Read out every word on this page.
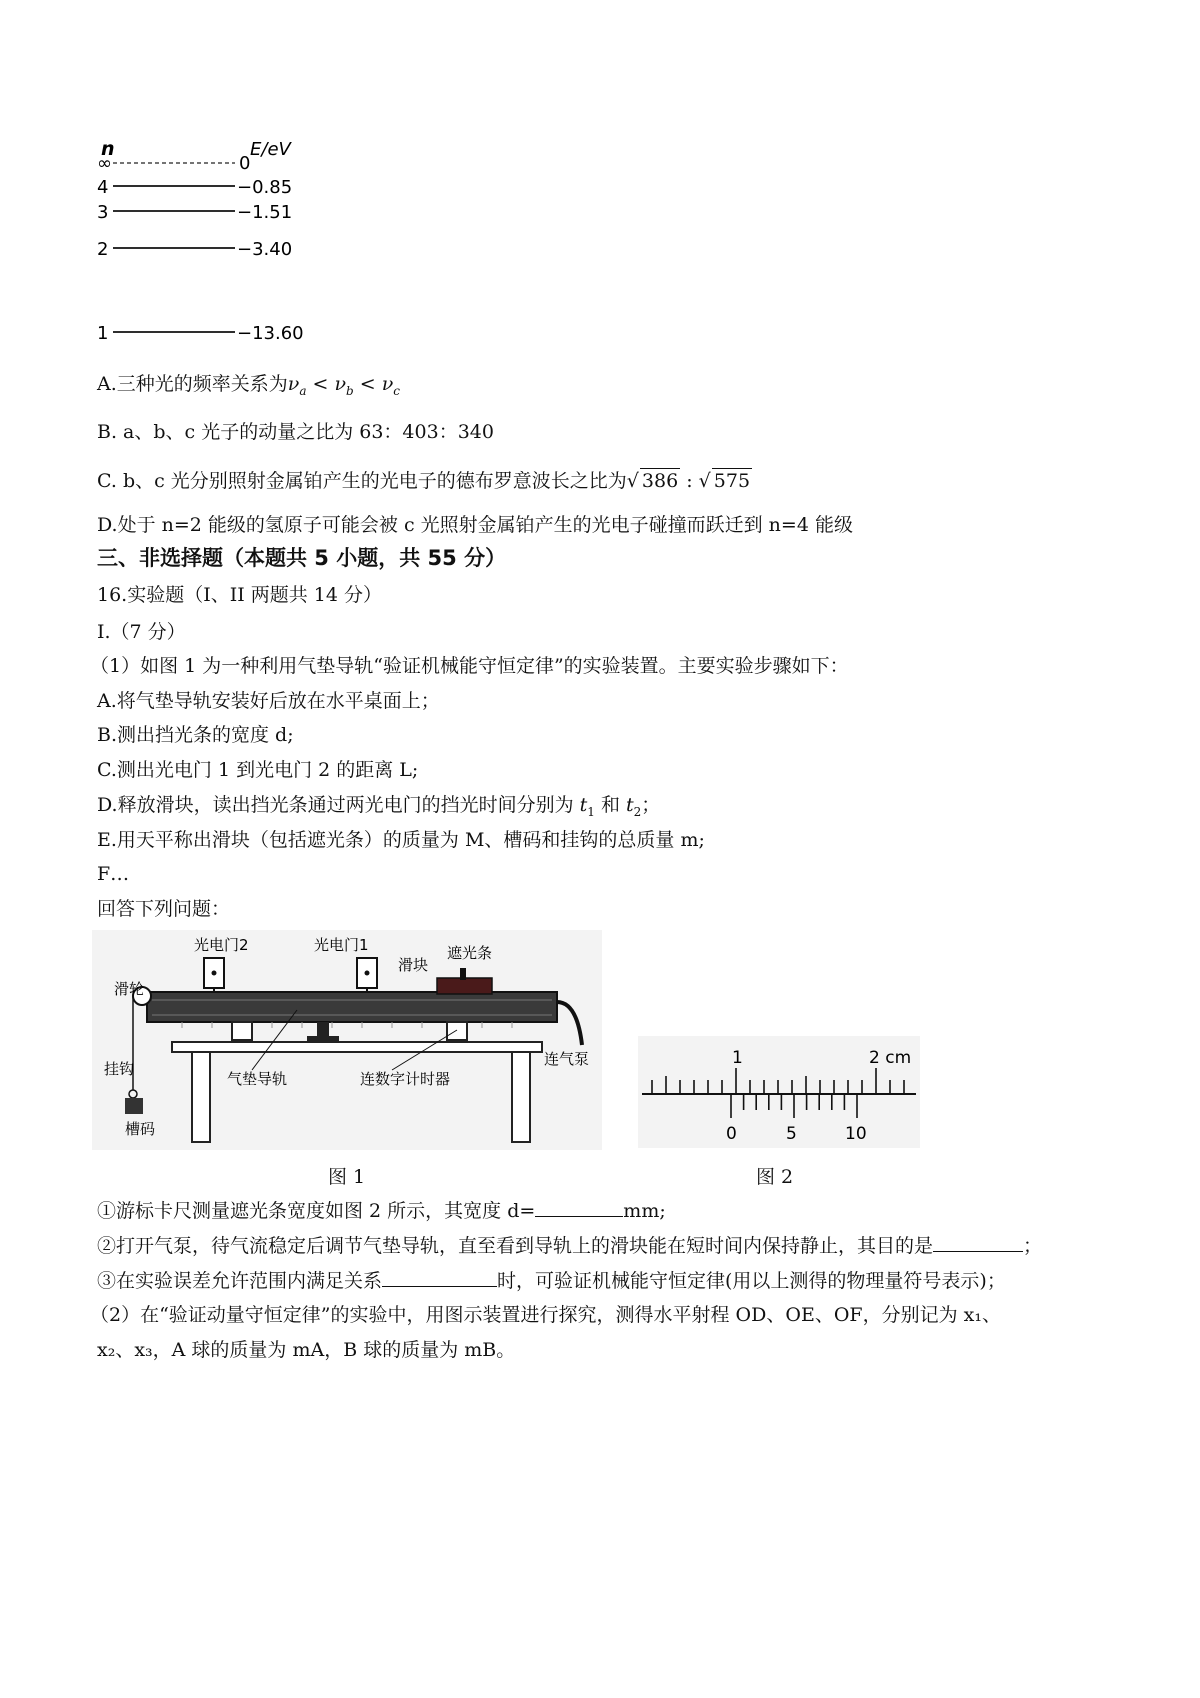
n	E/eV
∞	0
4	−0.85
3	−1.51
2	−3.40
1	−13.60
A.三种光的频率关系为$\nu_a < \nu_b < \nu_c$
B. a、b、c 光子的动量之比为 63：403：340
C. b、c 光分别照射金属铂产生的光电子的德布罗意波长之比为√ 386 : √ 575
D.处于 n=2 能级的氢原子可能会被 c 光照射金属铂产生的光电子碰撞而跃迁到 n=4 能级
三、非选择题（本题共 5 小题，共 55 分）
16.实验题（I、II 两题共 14 分）
I.（7 分）
（1）如图 1 为一种利用气垫导轨“验证机械能守恒定律”的实验装置。主要实验步骤如下：
A.将气垫导轨安装好后放在水平桌面上；
B.测出挡光条的宽度 d;
C.测出光电门 1 到光电门 2 的距离 L;
D.释放滑块，读出挡光条通过两光电门的挡光时间分别为 $t_1$ 和 $t_2$；
E.用天平称出滑块（包括遮光条）的质量为 M、槽码和挂钩的总质量 m;
F…
回答下列问题：
光电门2	光电门1
滑块
遮光条
滑轮
挂钩
槽码
气垫导轨	连数字计时器
连气泵	1	2 cm
0	5	10
图 1	图 2
①游标卡尺测量遮光条宽度如图 2 所示，其宽度 d=	mm;
②打开气泵，待气流稳定后调节气垫导轨，直至看到导轨上的滑块能在短时间内保持静止，其目的是	；
③在实验误差允许范围内满足关系	时，可验证机械能守恒定律(用以上测得的物理量符号表示)；
（2）在“验证动量守恒定律”的实验中，用图示装置进行探究，测得水平射程 OD、OE、OF，分别记为 x₁、
x₂、x₃，A 球的质量为 mA，B 球的质量为 mB。
